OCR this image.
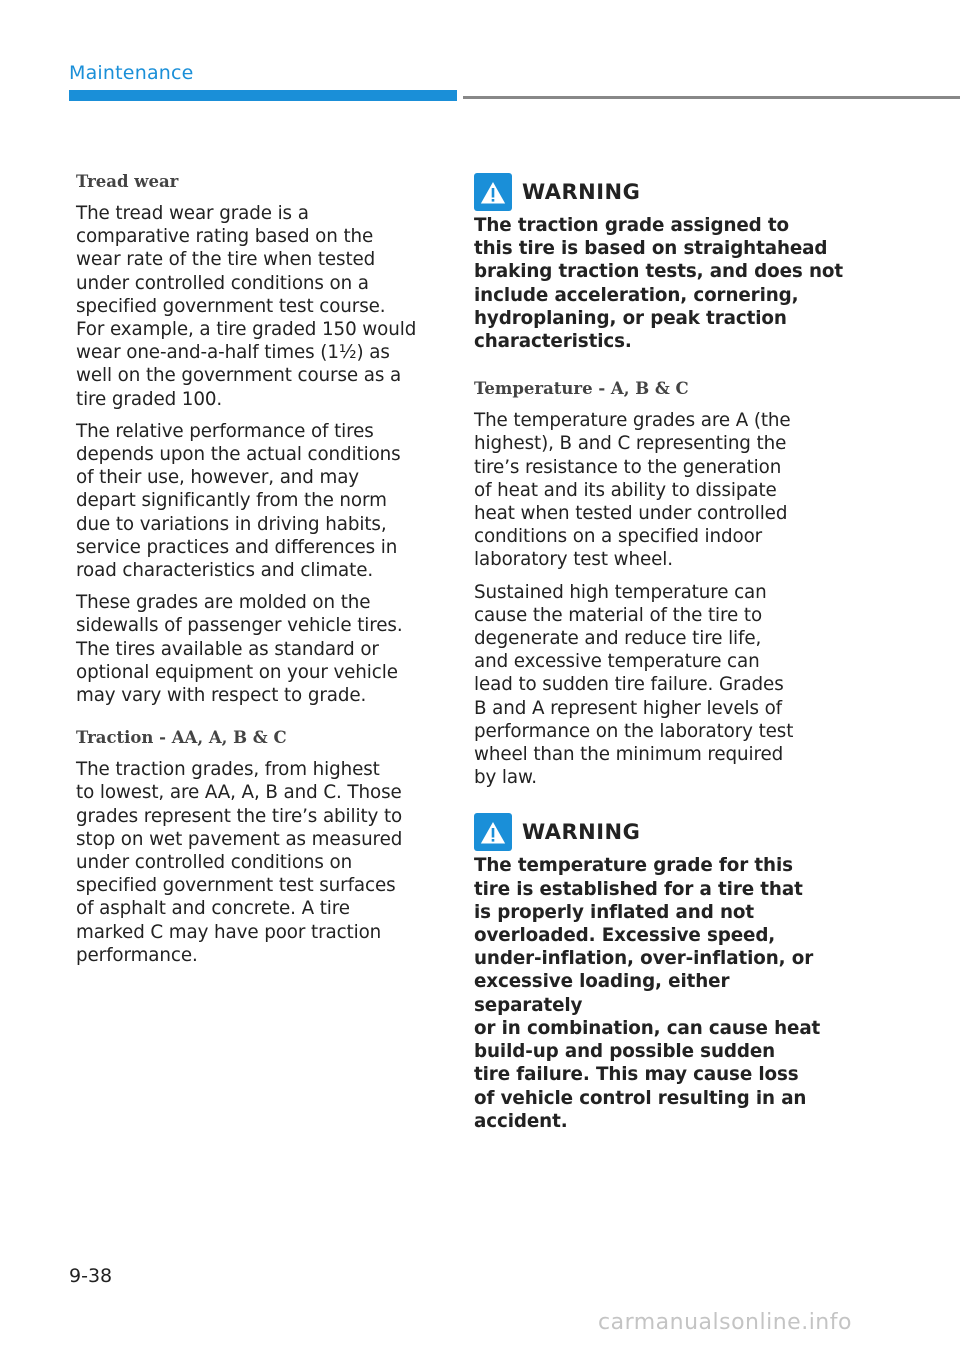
Maintenance
Tread wear

The tread wear grade is a
comparative rating based on the
wear rate of the tire when tested
under controlled conditions on a
specified government test course.
For example, a tire graded 150 would
wear one-and-a-half times (1½) as
well on the government course as a
tire graded 100.

The relative performance of tires
depends upon the actual conditions
of their use, however, and may
depart significantly from the norm
due to variations in driving habits,
service practices and differences in
road characteristics and climate.

These grades are molded on the
sidewalls of passenger vehicle tires.
The tires available as standard or
optional equipment on your vehicle
may vary with respect to grade.

Traction - AA, A, B & C

The traction grades, from highest
to lowest, are AA, A, B and C. Those
grades represent the tire’s ability to
stop on wet pavement as measured
under controlled conditions on
specified government test surfaces
of asphalt and concrete. A tire
marked C may have poor traction
performance.

WARNING

The traction grade assigned to
this tire is based on straightahead
braking traction tests, and does not
include acceleration, cornering,
hydroplaning, or peak traction
characteristics.

Temperature - A, B & C

The temperature grades are A (the
highest), B and C representing the
tire’s resistance to the generation
of heat and its ability to dissipate
heat when tested under controlled
conditions on a specified indoor
laboratory test wheel.

Sustained high temperature can
cause the material of the tire to
degenerate and reduce tire life,
and excessive temperature can
lead to sudden tire failure. Grades
B and A represent higher levels of
performance on the laboratory test
wheel than the minimum required
by law.

WARNING

The temperature grade for this
tire is established for a tire that
is properly inflated and not
overloaded. Excessive speed,
under-inflation, over-inflation, or
excessive loading, either separately
or in combination, can cause heat
build-up and possible sudden
tire failure. This may cause loss
of vehicle control resulting in an
accident.

9-38
carmanualsonline.info
